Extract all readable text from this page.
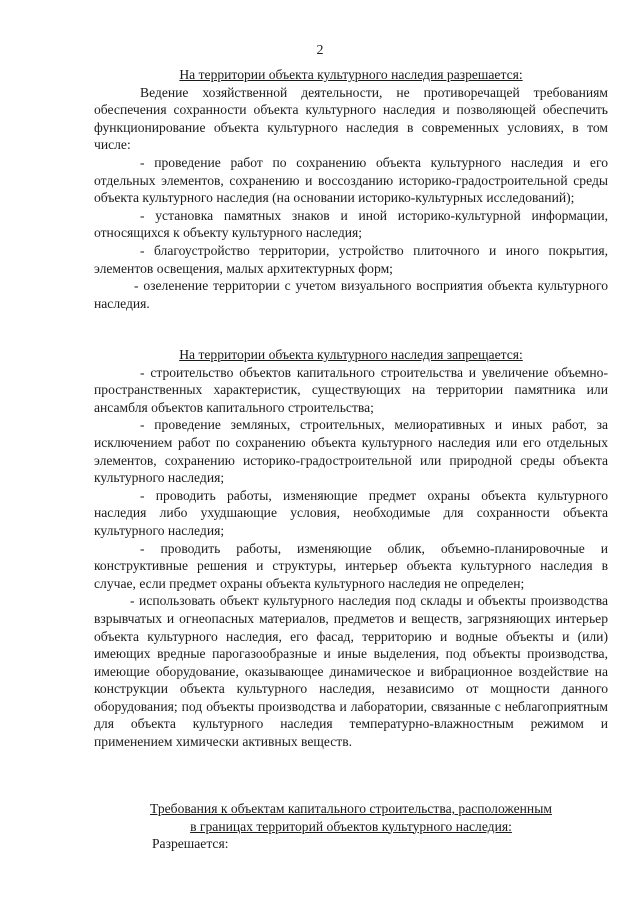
2
На территории объекта культурного наследия разрешается:

Ведение хозяйственной деятельности, не противоречащей требованиям обеспечения сохранности объекта культурного наследия и позволяющей обеспечить функционирование объекта культурного наследия в современных условиях, в том числе:

- проведение работ по сохранению объекта культурного наследия и его отдельных элементов, сохранению и воссозданию историко-градостроительной среды объекта культурного наследия (на основании историко-культурных исследований);

- установка памятных знаков и иной историко-культурной информации, относящихся к объекту культурного наследия;

- благоустройство территории, устройство плиточного и иного покрытия, элементов освещения, малых архитектурных форм;

- озеленение территории с учетом визуального восприятия объекта культурного наследия.

На территории объекта культурного наследия запрещается:

- строительство объектов капитального строительства и увеличение объемно-пространственных характеристик, существующих на территории памятника или ансамбля объектов капитального строительства;

- проведение земляных, строительных, мелиоративных и иных работ, за исключением работ по сохранению объекта культурного наследия или его отдельных элементов, сохранению историко-градостроительной или природной среды объекта культурного наследия;

- проводить работы, изменяющие предмет охраны объекта культурного наследия либо ухудшающие условия, необходимые для сохранности объекта культурного наследия;

- проводить работы, изменяющие облик, объемно-планировочные и конструктивные решения и структуры, интерьер объекта культурного наследия в случае, если предмет охраны объекта культурного наследия не определен;

- использовать объект культурного наследия под склады и объекты производства взрывчатых и огнеопасных материалов, предметов и веществ, загрязняющих интерьер объекта культурного наследия, его фасад, территорию и водные объекты и (или) имеющих вредные парогазообразные и иные выделения, под объекты производства, имеющие оборудование, оказывающее динамическое и вибрационное воздействие на конструкции объекта культурного наследия, независимо от мощности данного оборудования; под объекты производства и лаборатории, связанные с неблагоприятным для объекта культурного наследия температурно-влажностным режимом и применением химически активных веществ.

Требования к объектам капитального строительства, расположенным
в границах территорий объектов культурного наследия:

Разрешается:
